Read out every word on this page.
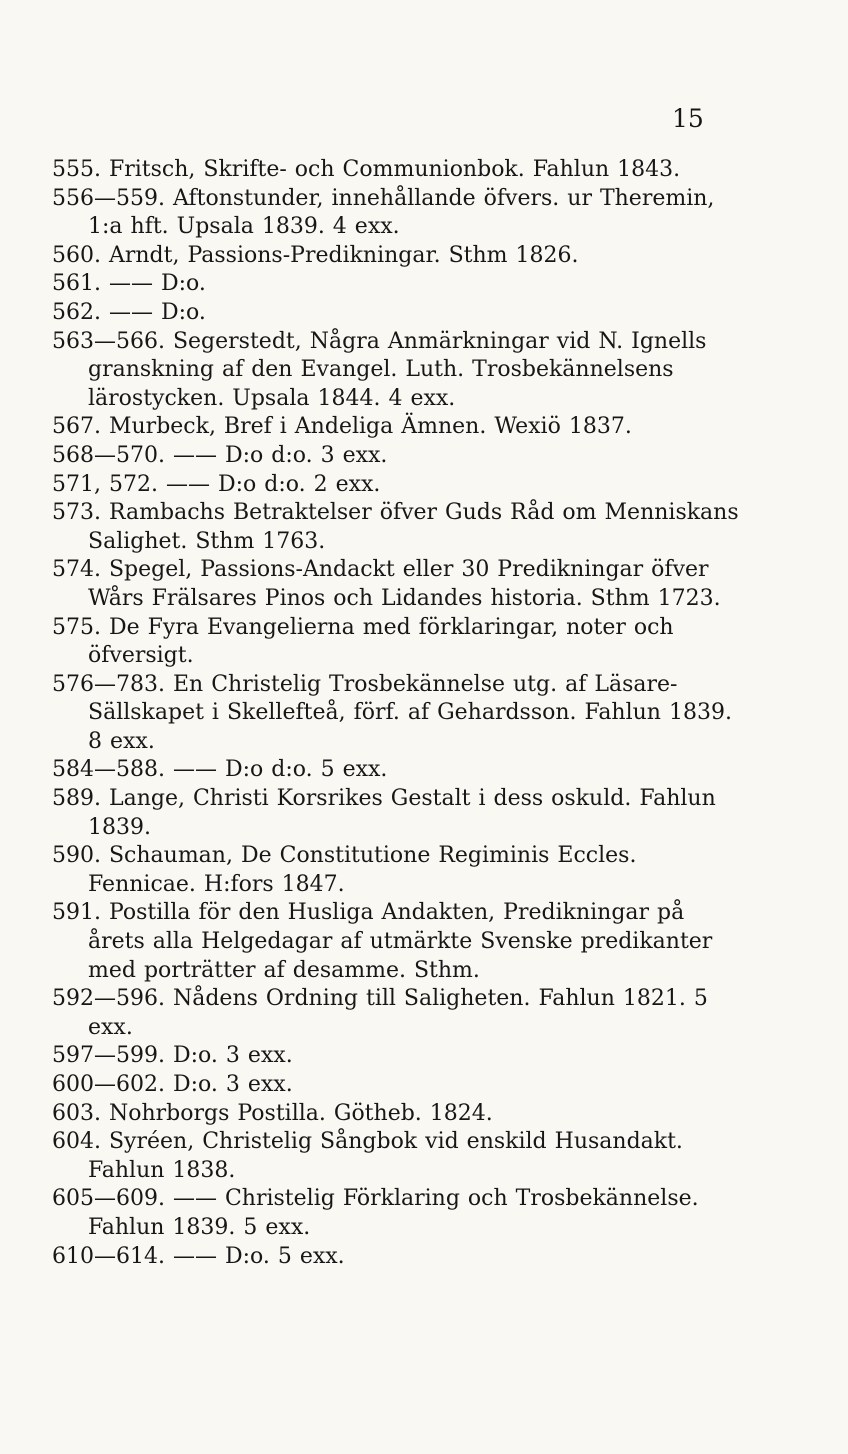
15
555. Fritsch, Skrifte- och Communionbok. Fahlun 1843.
556—559. Aftonstunder, innehållande öfvers. ur Theremin, 1:a hft. Upsala 1839. 4 exx.
560. Arndt, Passions-Predikningar. Sthm 1826.
561. —— D:o.
562. —— D:o.
563—566. Segerstedt, Några Anmärkningar vid N. Ignells granskning af den Evangel. Luth. Trosbekännelsens lärostycken. Upsala 1844. 4 exx.
567. Murbeck, Bref i Andeliga Ämnen. Wexiö 1837.
568—570. —— D:o d:o. 3 exx.
571, 572. —— D:o d:o. 2 exx.
573. Rambachs Betraktelser öfver Guds Råd om Menniskans Salighet. Sthm 1763.
574. Spegel, Passions-Andackt eller 30 Predikningar öfver Wårs Frälsares Pinos och Lidandes historia. Sthm 1723.
575. De Fyra Evangelierna med förklaringar, noter och öfversigt.
576—783. En Christelig Trosbekännelse utg. af Läsare-Sällskapet i Skellefteå, förf. af Gehardsson. Fahlun 1839. 8 exx.
584—588. —— D:o d:o. 5 exx.
589. Lange, Christi Korsrikes Gestalt i dess oskuld. Fahlun 1839.
590. Schauman, De Constitutione Regiminis Eccles. Fennicae. H:fors 1847.
591. Postilla för den Husliga Andakten, Predikningar på årets alla Helgedagar af utmärkte Svenske predikanter med porträtter af desamme. Sthm.
592—596. Nådens Ordning till Saligheten. Fahlun 1821. 5 exx.
597—599. D:o. 3 exx.
600—602. D:o. 3 exx.
603. Nohrborgs Postilla. Götheb. 1824.
604. Syréen, Christelig Sångbok vid enskild Husandakt. Fahlun 1838.
605—609. —— Christelig Förklaring och Trosbekännelse. Fahlun 1839. 5 exx.
610—614. —— D:o. 5 exx.
